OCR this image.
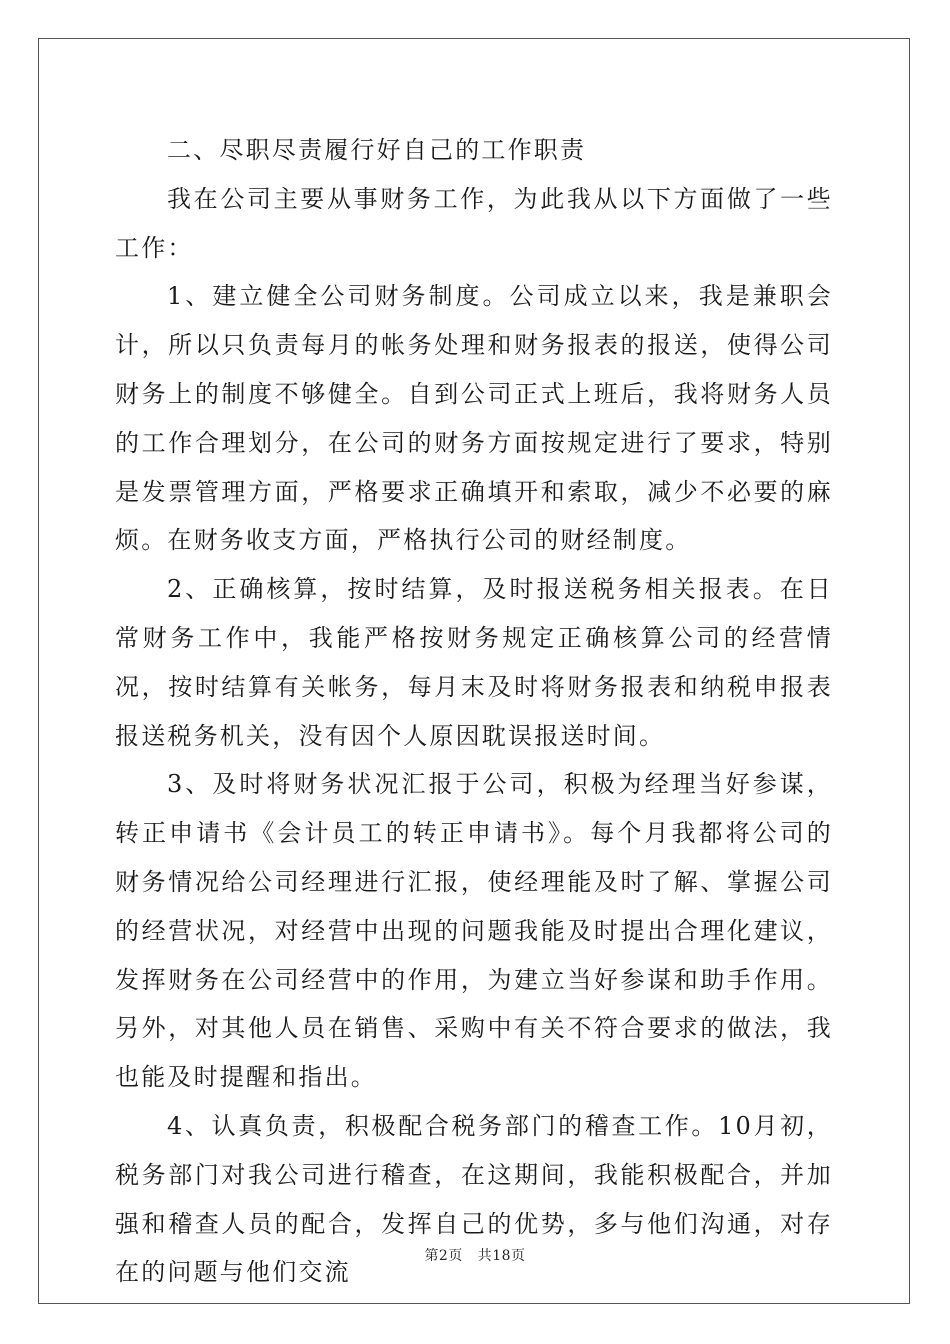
二、尽职尽责履行好自己的工作职责

我在公司主要从事财务工作，为此我从以下方面做了一些工作：

1、建立健全公司财务制度。公司成立以来，我是兼职会计，所以只负责每月的帐务处理和财务报表的报送，使得公司财务上的制度不够健全。自到公司正式上班后，我将财务人员的工作合理划分，在公司的财务方面按规定进行了要求，特别是发票管理方面，严格要求正确填开和索取，减少不必要的麻烦。在财务收支方面，严格执行公司的财经制度。

2、正确核算，按时结算，及时报送税务相关报表。在日常财务工作中，我能严格按财务规定正确核算公司的经营情况，按时结算有关帐务，每月末及时将财务报表和纳税申报表报送税务机关，没有因个人原因耽误报送时间。

3、及时将财务状况汇报于公司，积极为经理当好参谋，转正申请书《会计员工的转正申请书》。每个月我都将公司的财务情况给公司经理进行汇报，使经理能及时了解、掌握公司的经营状况，对经营中出现的问题我能及时提出合理化建议，发挥财务在公司经营中的作用，为建立当好参谋和助手作用。另外，对其他人员在销售、采购中有关不符合要求的做法，我也能及时提醒和指出。

4、认真负责，积极配合税务部门的稽查工作。10月初，税务部门对我公司进行稽查，在这期间，我能积极配合，并加强和稽查人员的配合，发挥自己的优势，多与他们沟通，对存在的问题与他们交流

第2页 共18页
